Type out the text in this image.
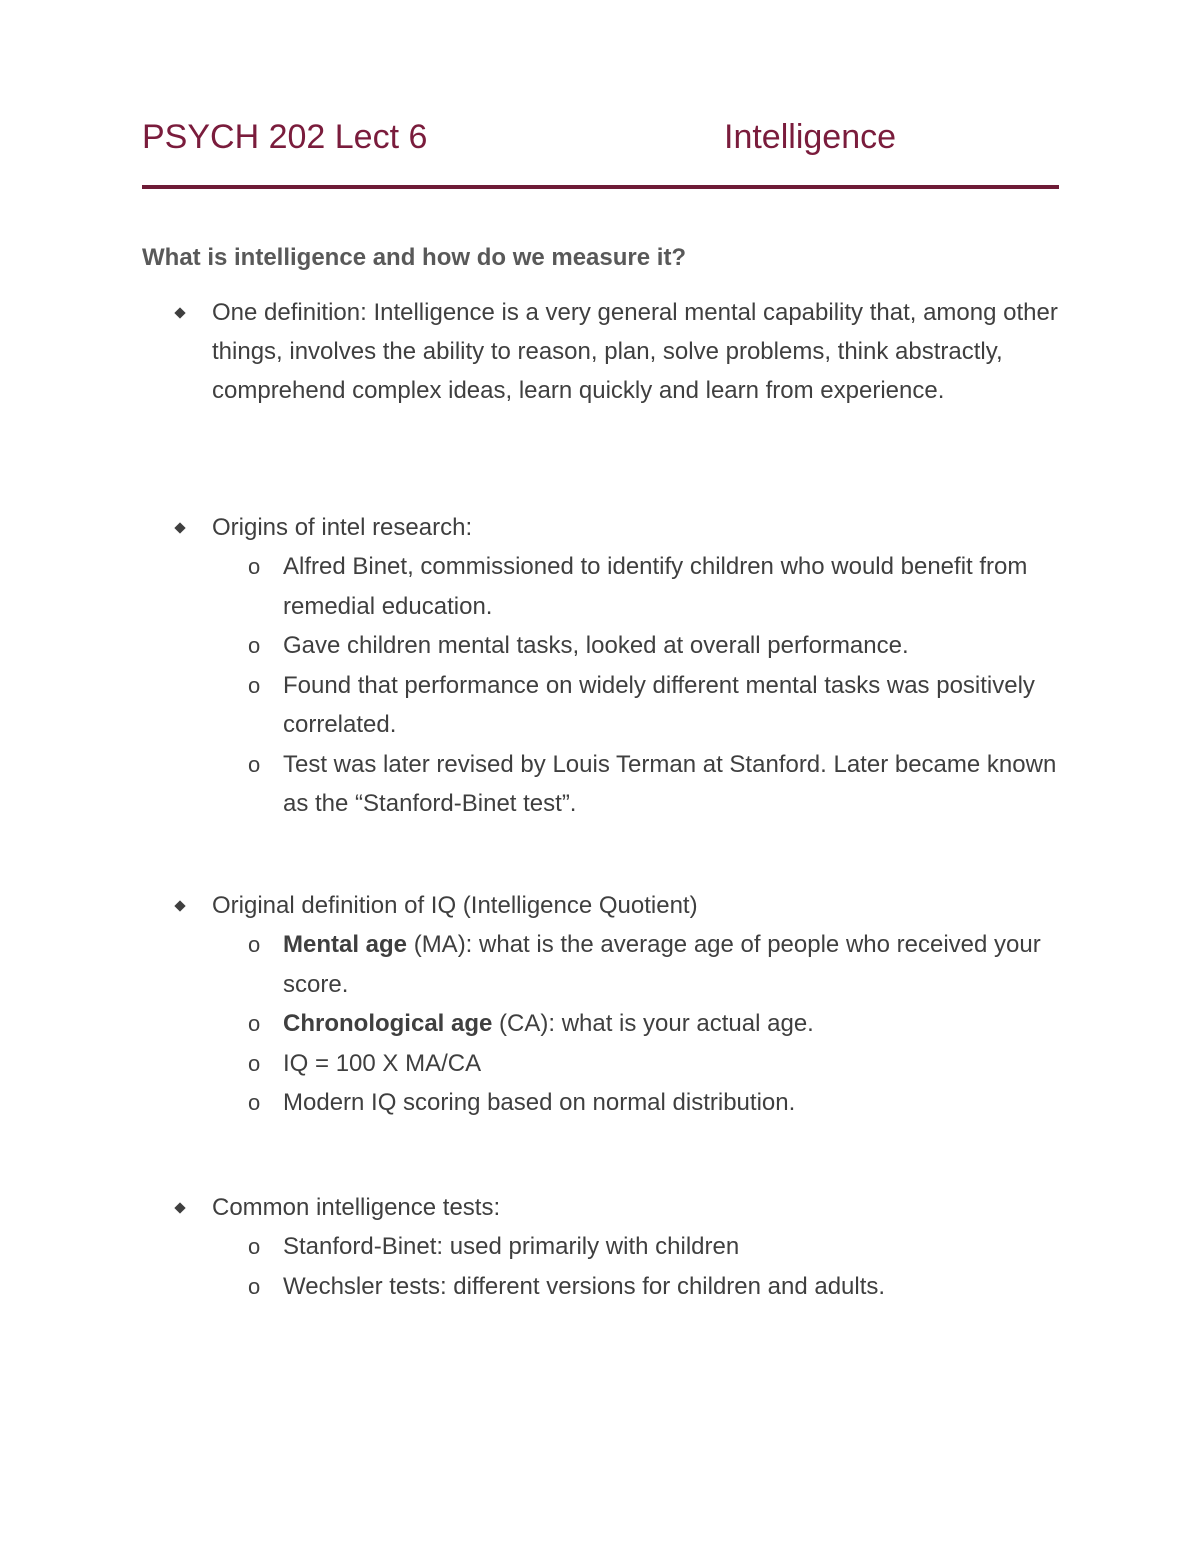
PSYCH 202 Lect 6	Intelligence
What is intelligence and how do we measure it?
One definition: Intelligence is a very general mental capability that, among other things, involves the ability to reason, plan, solve problems, think abstractly, comprehend complex ideas, learn quickly and learn from experience.
Origins of intel research:
o Alfred Binet, commissioned to identify children who would benefit from remedial education.
o Gave children mental tasks, looked at overall performance.
o Found that performance on widely different mental tasks was positively correlated.
o Test was later revised by Louis Terman at Stanford. Later became known as the “Stanford-Binet test”.
Original definition of IQ (Intelligence Quotient)
o Mental age (MA): what is the average age of people who received your score.
o Chronological age (CA): what is your actual age.
o IQ = 100 X MA/CA
o Modern IQ scoring based on normal distribution.
Common intelligence tests:
o Stanford-Binet: used primarily with children
o Wechsler tests: different versions for children and adults.
